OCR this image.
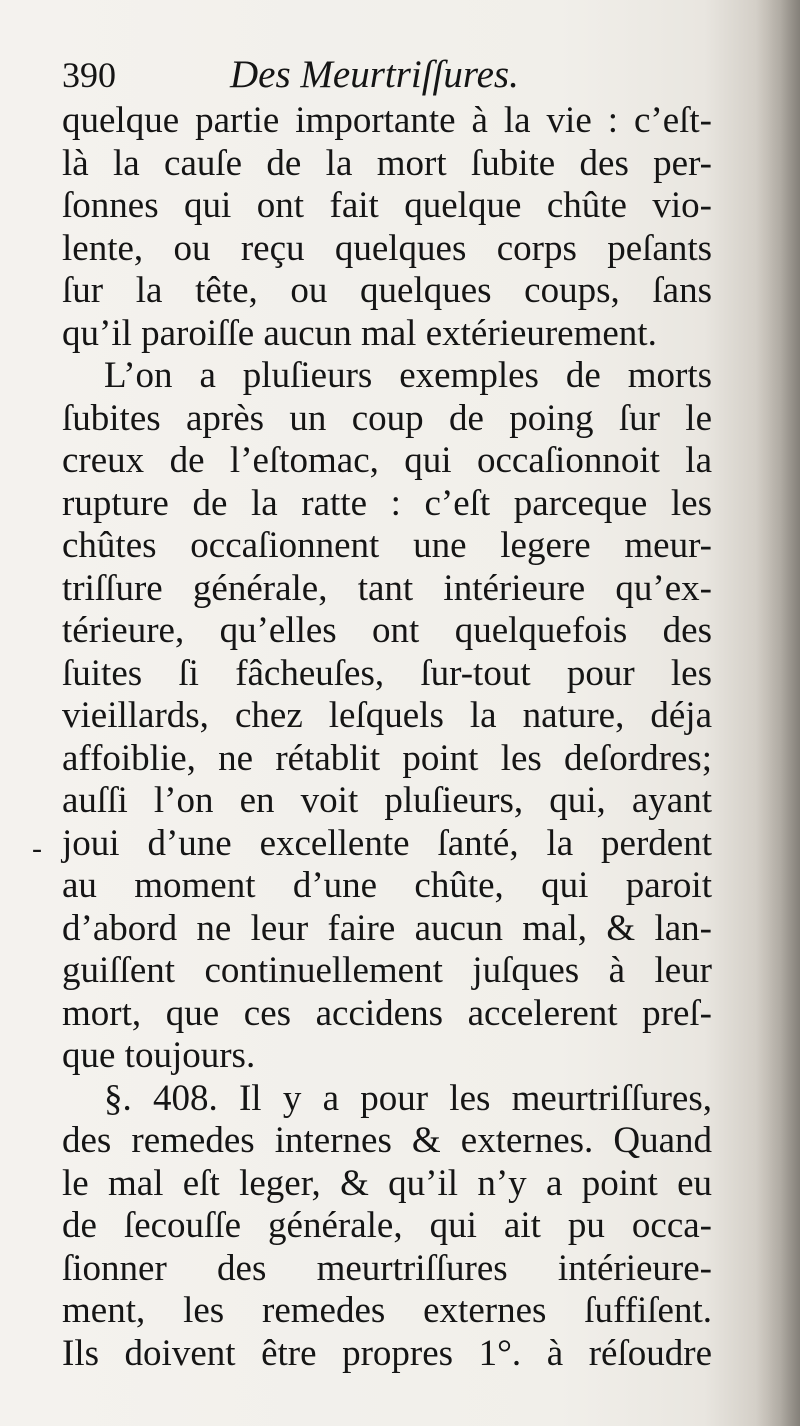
390	Des Meurtriſſures.
-
quelque partie importante à la vie : c’eſt-
là la cauſe de la mort ſubite des per-
ſonnes qui ont fait quelque chûte vio-
lente, ou reçu quelques corps peſants
ſur la tête, ou quelques coups, ſans
qu’il paroiſſe aucun mal extérieurement.
L’on a pluſieurs exemples de morts
ſubites après un coup de poing ſur le
creux de l’eſtomac, qui occaſionnoit la
rupture de la ratte : c’eſt parceque les
chûtes occaſionnent une legere meur-
triſſure générale, tant intérieure qu’ex-
térieure, qu’elles ont quelquefois des
ſuites ſi fâcheuſes, ſur-tout pour les
vieillards, chez leſquels la nature, déja
affoiblie, ne rétablit point les deſordres;
auſſi l’on en voit pluſieurs, qui, ayant
joui d’une excellente ſanté, la perdent
au moment d’une chûte, qui paroit
d’abord ne leur faire aucun mal, & lan-
guiſſent continuellement juſques à leur
mort, que ces accidens accelerent preſ-
que toujours.
§. 408. Il y a pour les meurtriſſures,
des remedes internes & externes. Quand
le mal eſt leger, & qu’il n’y a point eu
de ſecouſſe générale, qui ait pu occa-
ſionner des meurtriſſures intérieure-
ment, les remedes externes ſuffiſent.
Ils doivent être propres 1°. à réſoudre
